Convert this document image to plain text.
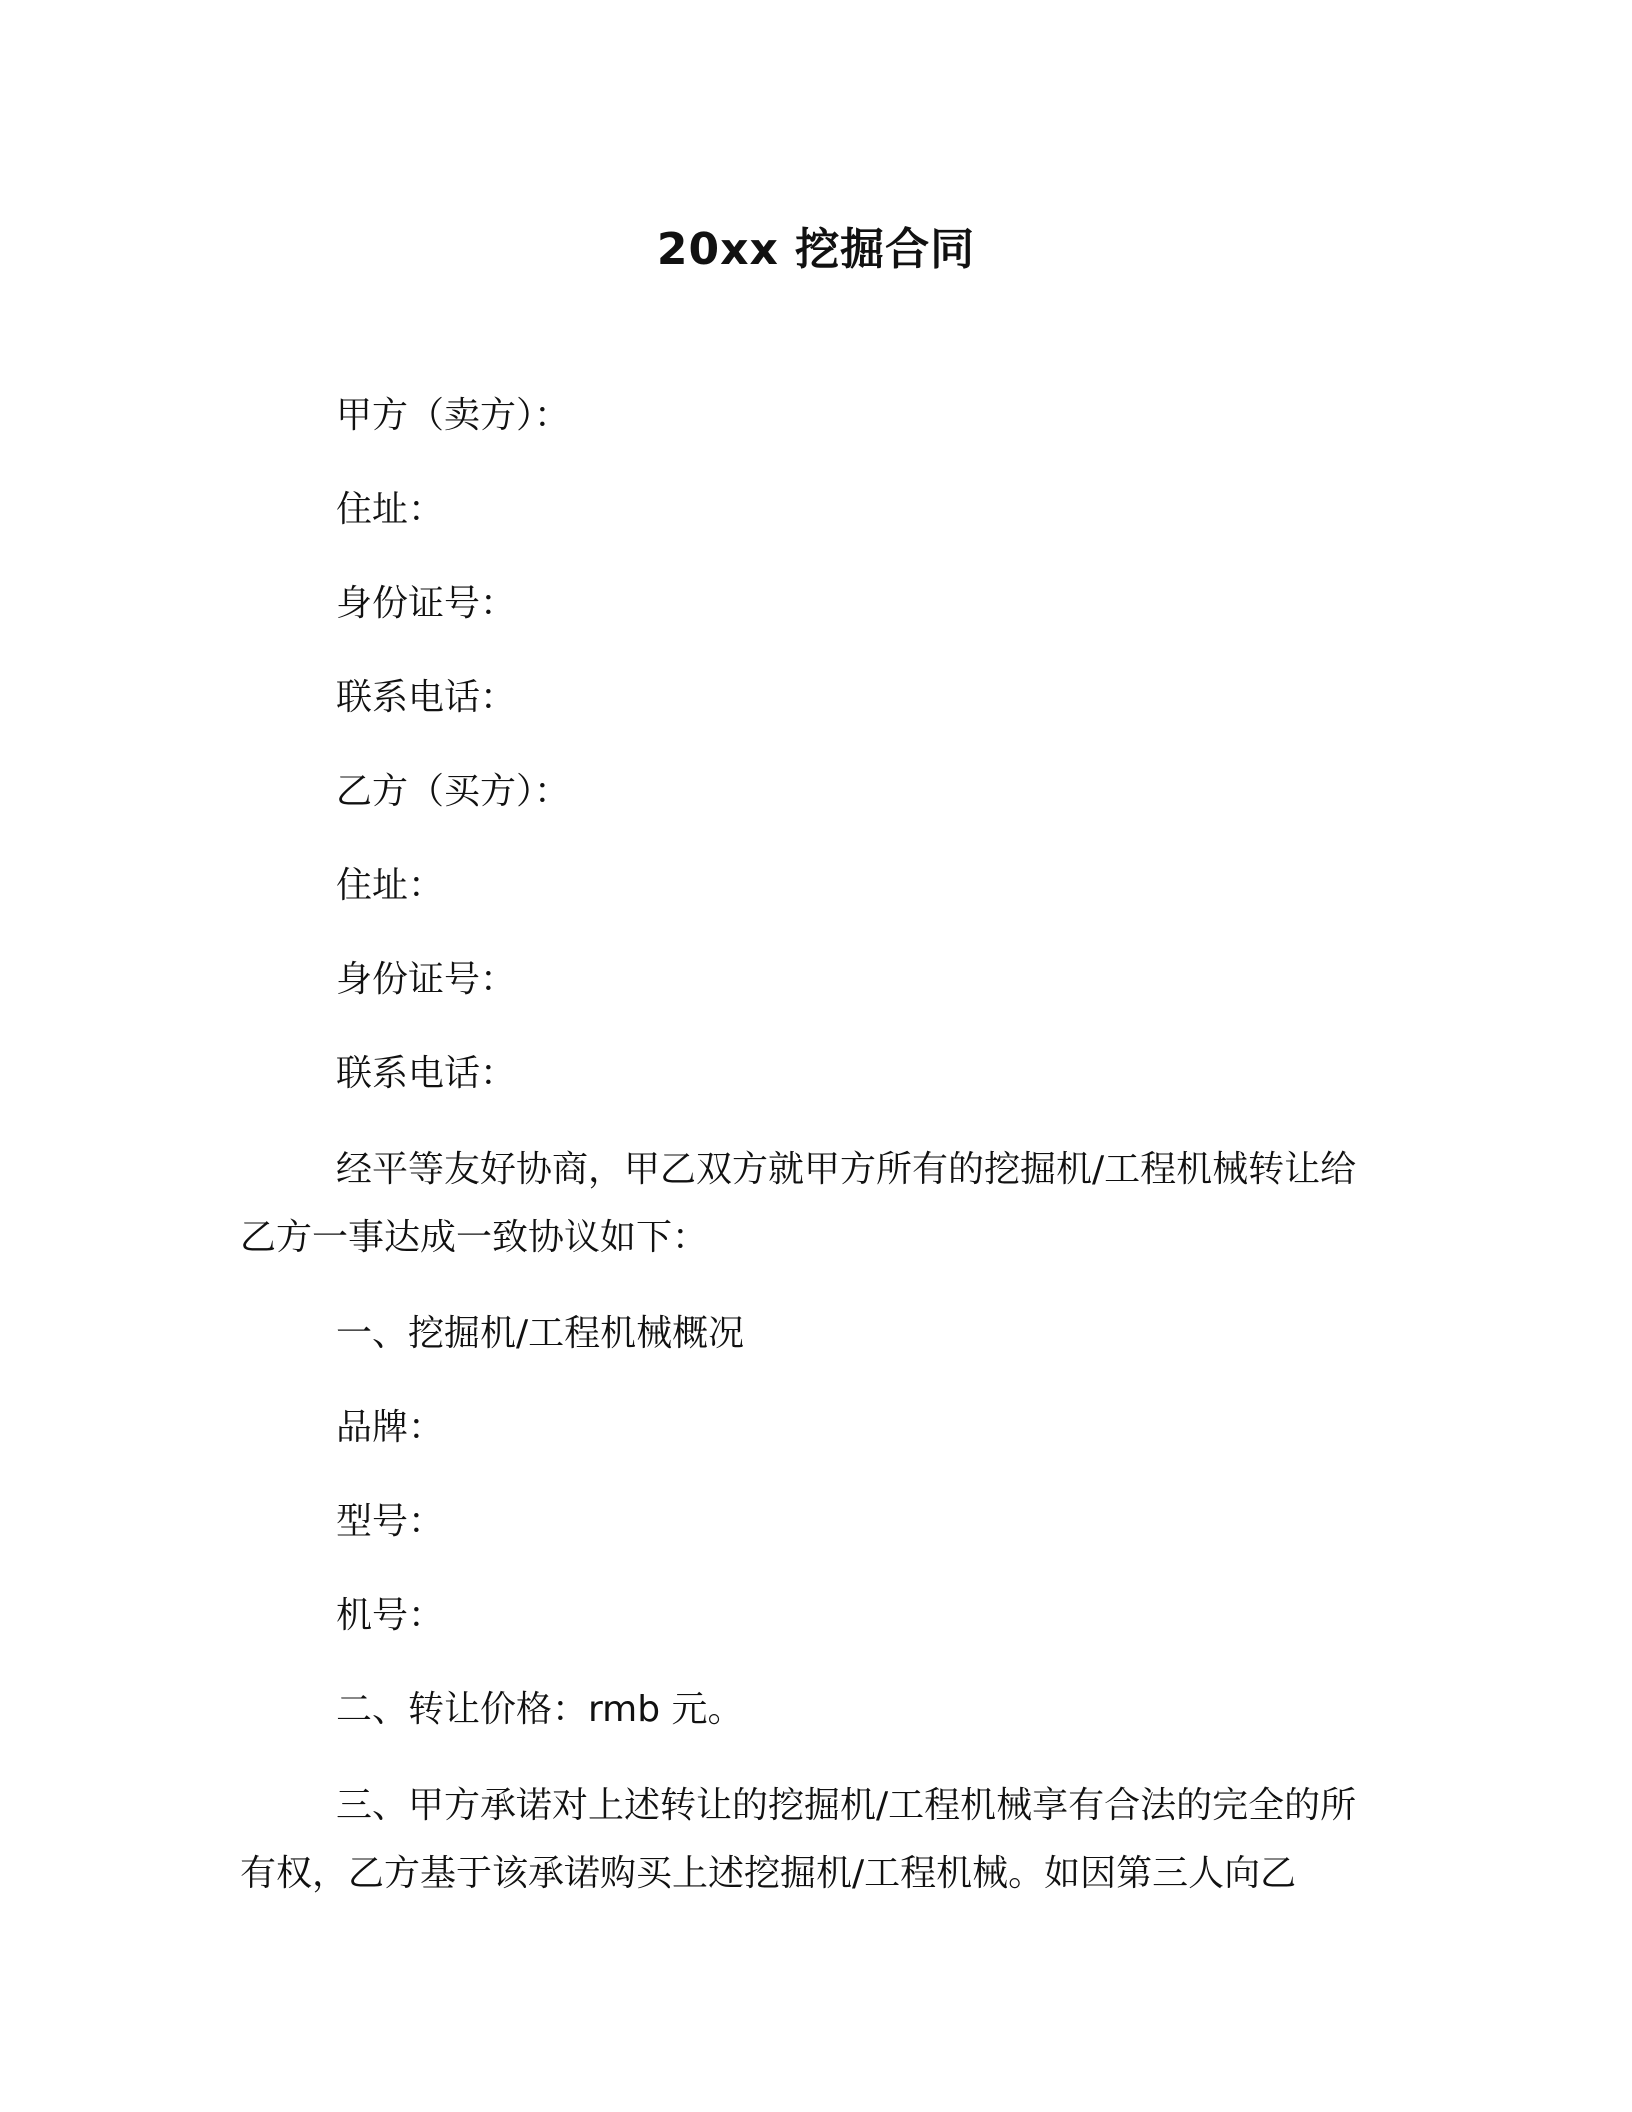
20xx 挖掘合同

甲方（卖方）：

住址：

身份证号：

联系电话：

乙方（买方）：

住址：

身份证号：

联系电话：

经平等友好协商，甲乙双方就甲方所有的挖掘机/工程机械转让给乙方一事达成一致协议如下：

一、挖掘机/工程机械概况

品牌：

型号：

机号：

二、转让价格：rmb 元。

三、甲方承诺对上述转让的挖掘机/工程机械享有合法的完全的所有权，乙方基于该承诺购买上述挖掘机/工程机械。如因第三人向乙
